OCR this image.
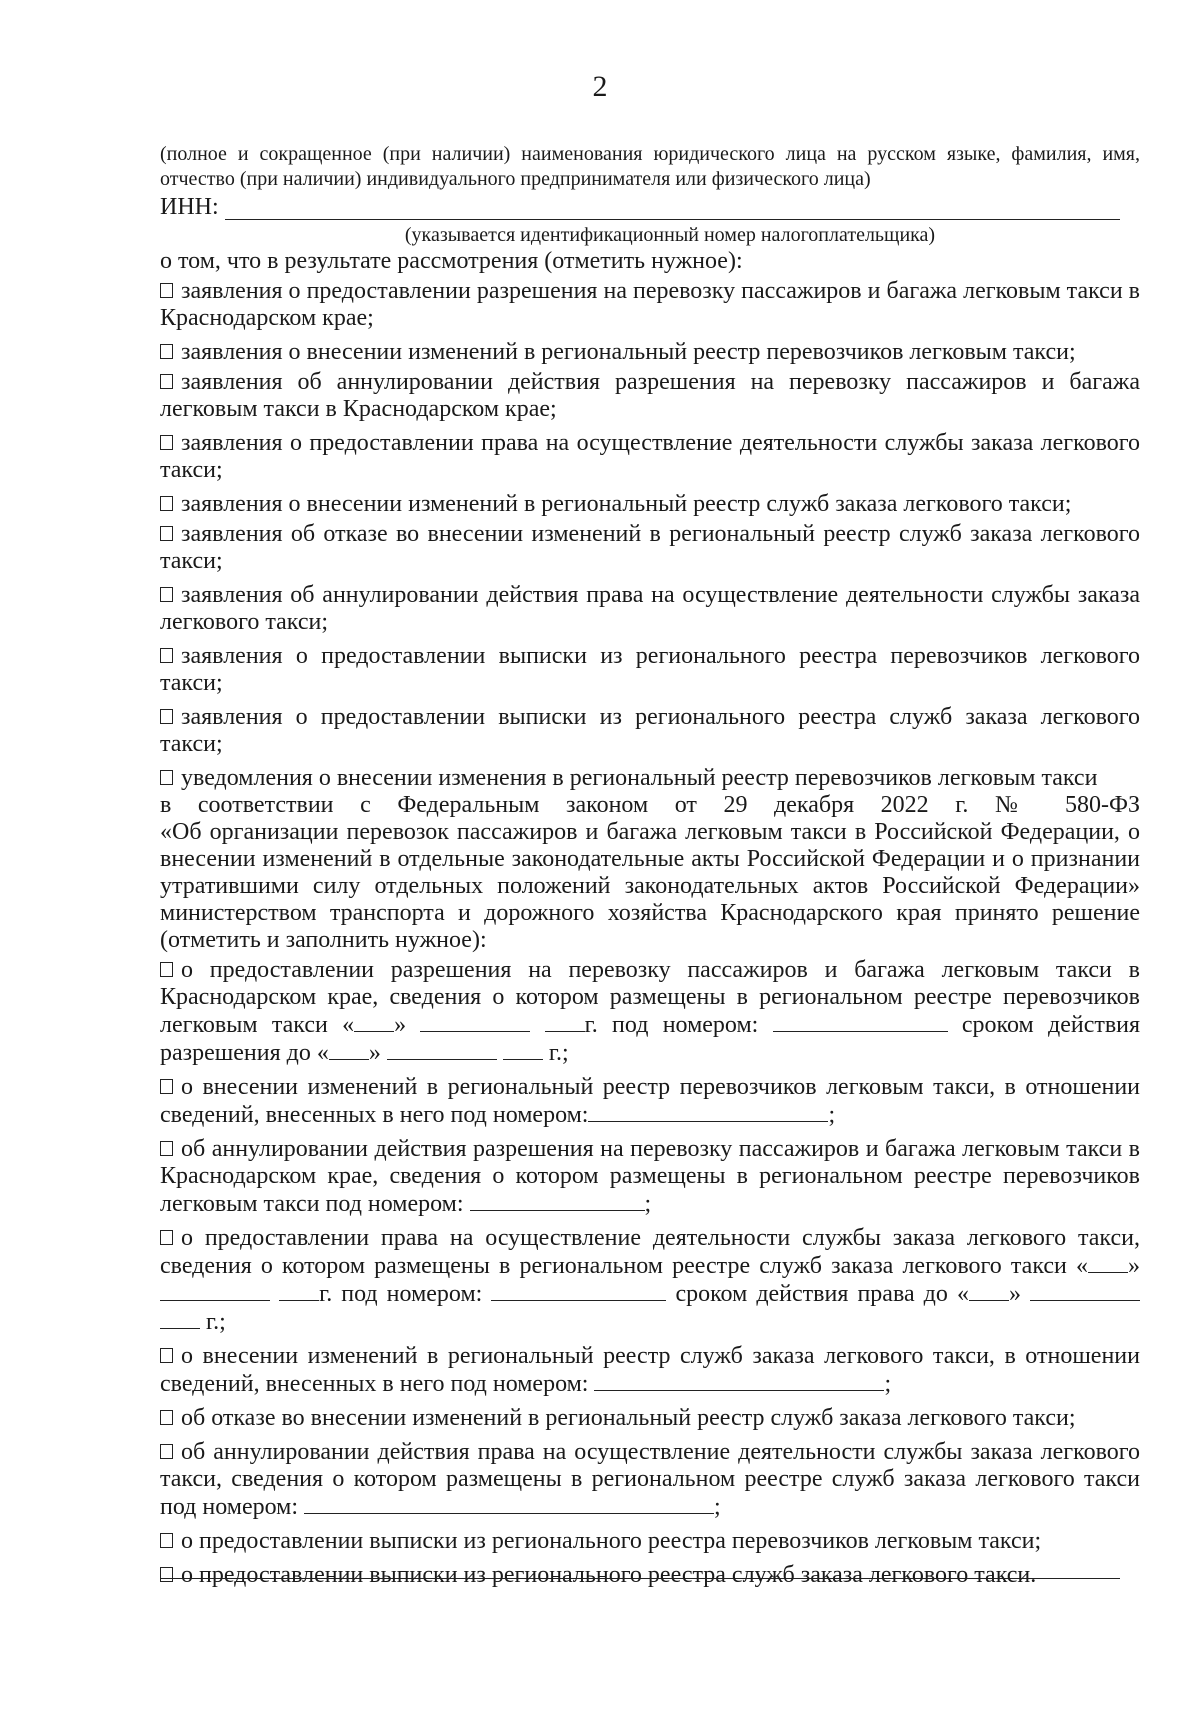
2
(полное и сокращенное (при наличии) наименования юридического лица на русском языке, фамилия, имя, отчество (при наличии) индивидуального предпринимателя или физического лица)
ИНН:
(указывается идентификационный номер налогоплательщика)

о том, что в результате рассмотрения (отметить нужное):

заявления о предоставлении разрешения на перевозку пассажиров и багажа легковым такси в Краснодарском крае;
заявления о внесении изменений в региональный реестр перевозчиков легковым такси;
заявления об аннулировании действия разрешения на перевозку пассажиров и багажа легковым такси в Краснодарском крае;
заявления о предоставлении права на осуществление деятельности службы заказа легкового такси;
заявления о внесении изменений в региональный реестр служб заказа легкового такси;
заявления об отказе во внесении изменений в региональный реестр служб заказа легкового такси;
заявления об аннулировании действия права на осуществление деятельности службы заказа легкового такси;
заявления о предоставлении выписки из регионального реестра перевозчиков легкового такси;
заявления о предоставлении выписки из регионального реестра служб заказа легкового такси;
уведомления о внесении изменения в региональный реестр перевозчиков легковым такси

в соответствии с Федеральным законом от 29 декабря 2022 г. № 580-ФЗ

«Об организации перевозок пассажиров и багажа легковым такси в Российской Федерации, о внесении изменений в отдельные законодательные акты Российской Федерации и о признании утратившими силу отдельных положений законодательных актов Российской Федерации» министерством транспорта и дорожного хозяйства Краснодарского края принято решение (отметить и заполнить нужное):

о предоставлении разрешения на перевозку пассажиров и багажа легковым такси в Краснодарском крае, сведения о котором размещены в региональном реестре перевозчиков легковым такси « »	г. под номером:	сроком действия разрешения до « »	г.;
о внесении изменений в региональный реестр перевозчиков легковым такси, в отношении сведений, внесенных в него под номером:	;
об аннулировании действия разрешения на перевозку пассажиров и багажа легковым такси в Краснодарском крае, сведения о котором размещены в региональном реестре перевозчиков легковым такси под номером:	;
о предоставлении права на осуществление деятельности службы заказа легкового такси, сведения о котором размещены в региональном реестре служб заказа легкового такси « »  г. под номером:	сроком действия права до « »   г.;
о внесении изменений в региональный реестр служб заказа легкового такси, в отношении сведений, внесенных в него под номером:	;
об отказе во внесении изменений в региональный реестр служб заказа легкового такси;
об аннулировании действия права на осуществление деятельности службы заказа легкового такси, сведения о котором размещены в региональном реестре служб заказа легкового такси под номером:	;
о предоставлении выписки из регионального реестра перевозчиков легковым такси;
о предоставлении выписки из регионального реестра служб заказа легкового такси.
